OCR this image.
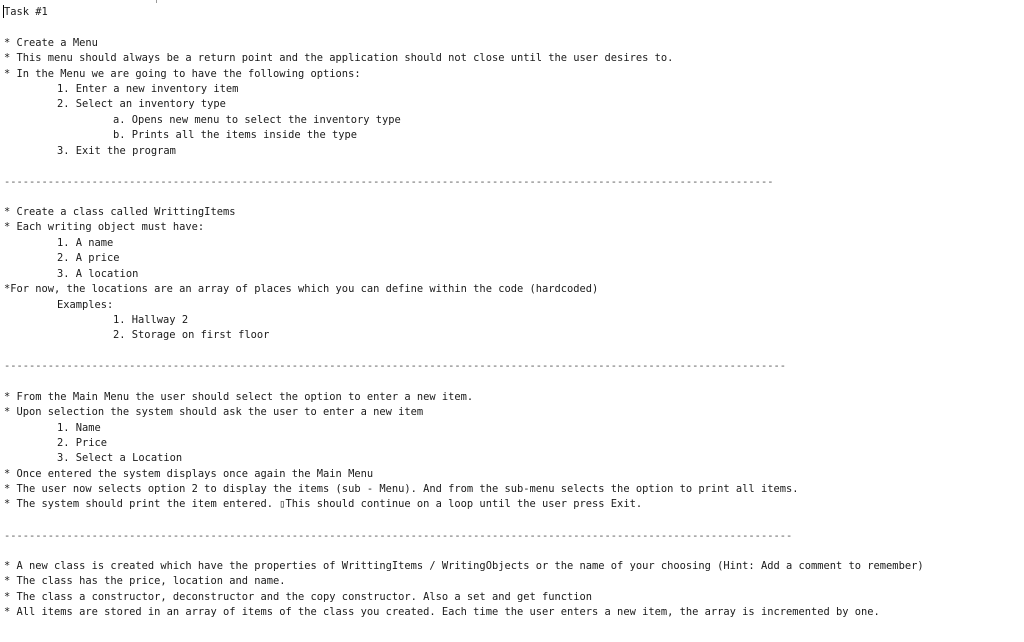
Task #1
* Create a Menu
* This menu should always be a return point and the application should not close until the user desires to.
* In the Menu we are going to have the following options:
1. Enter a new inventory item
2. Select an inventory type
a. Opens new menu to select the inventory type
b. Prints all the items inside the type
3. Exit the program
---------------------------------------------------------------------------------------------------------------------------
* Create a class called WrittingItems
* Each writing object must have:
1. A name
2. A price
3. A location
*For now, the locations are an array of places which you can define within the code (hardcoded)
Examples:
1. Hallway 2
2. Storage on first floor
-----------------------------------------------------------------------------------------------------------------------------
* From the Main Menu the user should select the option to enter a new item.
* Upon selection the system should ask the user to enter a new item
1. Name
2. Price
3. Select a Location
* Once entered the system displays once again the Main Menu
* The user now selects option 2 to display the items (sub - Menu). And from the sub-menu selects the option to print all items.
* The system should print the item entered. ▯This should continue on a loop until the user press Exit.
------------------------------------------------------------------------------------------------------------------------------
* A new class is created which have the properties of WrittingItems / WritingObjects or the name of your choosing (Hint: Add a comment to remember)
* The class has the price, location and name.
* The class a constructor, deconstructor and the copy constructor. Also a set and get function
* All items are stored in an array of items of the class you created. Each time the user enters a new item, the array is incremented by one.
